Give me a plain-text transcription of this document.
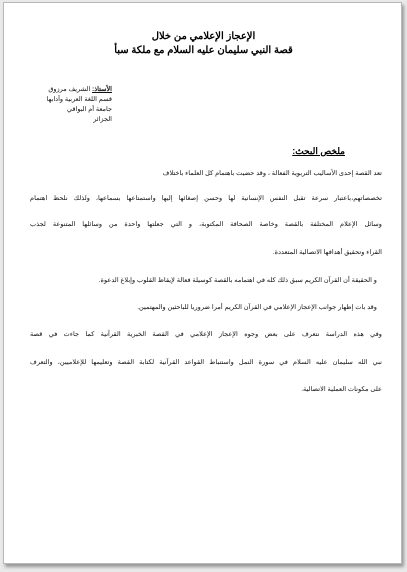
الإعجاز الإعلامي من خلال
قصة النبي سليمان عليه السلام مع ملكة سبأ
الأستاذ: الشريف مرزوق
قسم اللغة العربية وآدابها
جامعة أم البواقي
الجزائر
ملخص البحث:
تعد القصة إحدى الأساليب التربوية الفعالة ، وقد حضيت باهتمام كل العلماء باختلاف
تخصصاتهم،باعتبار سرعة تقبل النفس الإنسانية لها وحسن إصغائها إليها واستمتاعها بسماعها، ولذلك نلحظ اهتمام
وسائل الإعلام المختلفة بالقصة وخاصة الصحافة المكتوبة، و التي جعلتها واحدة من وسائلها المتنوعة لجذب
القراء وتحقيق أهدافها الاتصالية المتعددة.
و الحقيقة أن القرآن الكريم سبق ذلك كله في اهتمامه بالقصة كوسيلة فعالة لإيقاظ القلوب وإبلاغ الدعوة.
وقد بات إظهار جوانب الإعجاز الإعلامي في القرآن الكريم أمرا ضروريا للباحثين والمهتمين.
وفي هذه الدراسة نتعرف على بعض وجوه الإعجاز الإعلامي في القصة الخبرية القرآنية كما جاءت في قصة
نبي الله سليمان عليه السلام في سورة النمل واستنباط القواعد القرآنية لكتابة القصة وتعليمها للإعلاميين، والتعرف
على مكونات العملية الاتصالية.
